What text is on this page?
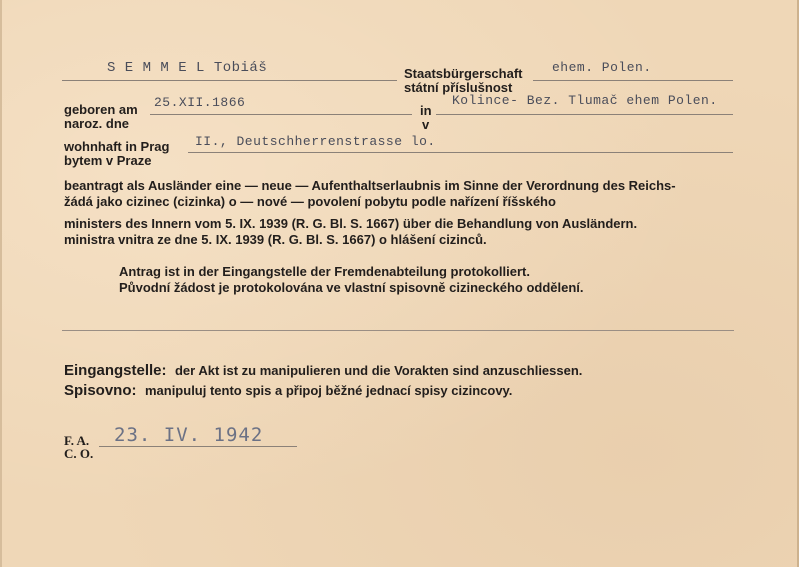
S E M M E L Tobiáš	Staatsbürgerschaft
státní příslušnost
ehem. Polen.
geboren am
naroz. dne
25.XII.1866
in
v
Kolince- Bez. Tlumač ehem Polen.
wohnhaft in Prag
bytem v Praze
II., Deutschherrenstrasse lo.
beantragt als Ausländer eine — neue — Aufenthaltserlaubnis im Sinne der Verordnung des Reichs-
žádá jako cizinec (cizinka) o — nové — povolení pobytu podle nařízení říšského
ministers des Innern vom 5. IX. 1939 (R. G. Bl. S. 1667) über die Behandlung von Ausländern.
ministra vnitra ze dne 5. IX. 1939 (R. G. Bl. S. 1667) o hlášení cizinců.
Antrag ist in der Eingangstelle der Fremdenabteilung protokolliert.
Původní žádost je protokolována ve vlastní spisovně cizineckého oddělení.
Eingangstelle: der Akt ist zu manipulieren und die Vorakten sind anzuschliessen.
Spisovno: manipuluj tento spis a připoj běžné jednací spisy cizincovy.
F. A.
C. O.
23. IV. 1942
